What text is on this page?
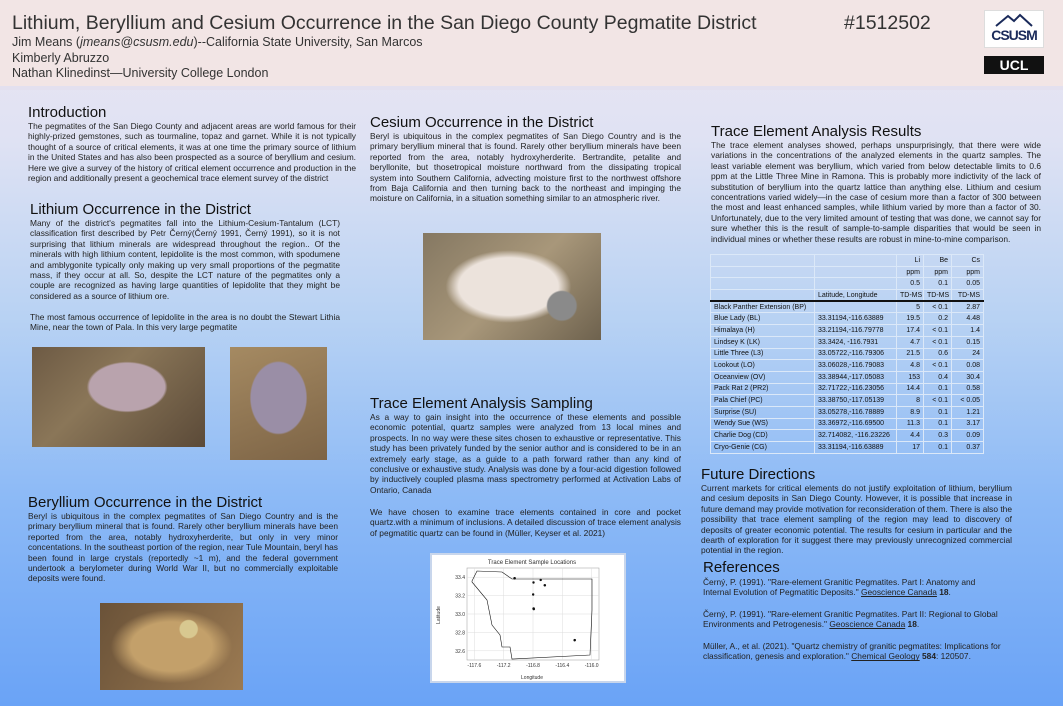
Lithium, Beryllium and Cesium Occurrence in the San Diego County Pegmatite District	#1512502
Jim Means (jmeans@csusm.edu)--California State University, San Marcos
Kimberly Abruzzo
Nathan Klinedinst—University College London
CSUSM
UCL
Introduction
The pegmatites of the San Diego County and adjacent areas are world famous for their highly-prized gemstones, such as tourmaline, topaz and garnet. While it is not typically thought of a source of critical elements, it was at one time the primary source of lithium in the United States and has also been prospected as a source of beryllium and cesium. Here we give a survey of the history of critical element occurrence and production in the region and additionally present a geochemical trace element survey of the district
Lithium Occurrence in the District
Many of the district's pegmatites fall into the Lithium-Cesium-Tantalum (LCT) classification first described by Petr Černý(Černý 1991, Černý 1991), so it is not surprising that lithium minerals are widespread throughout the region.. Of the minerals with high lithium content, lepidolite is the most common, with spodumene and amblygonite typically only making up very small proportions of the pegmatite mass, if they occur at all. So, despite the LCT nature of the pegmatites only a couple are recognized as having large quantities of lepidolite that they might be considered as a source of lithium ore.
The most famous occurrence of lepidolite in the area is no doubt the Stewart Lithia Mine, near the town of Pala. In this very large pegmatite
Beryllium Occurrence in the District
Beryl is ubiquitous in the complex pegmatites of San Diego Country and is the primary beryllium mineral that is found. Rarely other beryllium minerals have been reported from the area, notably hydroxyherderite, but only in very minor concentations. In the southeast portion of the region, near Tule Mountain, beryl has been found in large crystals (reportedly ~1 m), and the federal government undertook a berylometer during World War II, but no commercially exploitable deposits were found.
Cesium Occurrence in the District
Beryl is ubiquitous in the complex pegmatites of San Diego Country and is the primary beryllium mineral that is found. Rarely other beryllium minerals have been reported from the area, notably hydroxyherderite. Bertrandite, petalite and beryllonite, but thosetropical moisture northward from the dissipating tropical system into Southern California, advecting moisture first to the northwest offshore from Baja California and then turning back to the northeast and impinging the moisture on California, in a situation something similar to an atmospheric river.
Trace Element Analysis Sampling
As a way to gain insight into the occurrence of these elements and possible economic potential, quartz samples were analyzed from 13 local mines and prospects. In no way were these sites chosen to exhaustive or representative. This study has been privately funded by the senior author and is considered to be in an extremely early stage, as a guide to a path forward rather than any kind of conclusive or exhaustive study. Analysis was done by a four-acid digestion followed by inductively coupled plasma mass spectrometry performed at Activation Labs of Ontario, Canada
We have chosen to examine trace elements contained in core and pocket quartz.with a minimum of inclusions. A detailed discussion of trace element analysis of pegmatitic quartz can be found in (Müller, Keyser et al. 2021)
Trace Element Sample Locations
-117.6	-117.2	-116.8	-116.4	-116.0
33.4
33.2
33.0
32.8
32.6
Longitude
Latitude
Trace Element Analysis Results
The trace element analyses showed, perhaps unspurprisingly, that there were wide variations in the concentrations of the analyzed elements in the quartz samples. The least variable element was beryllium, which varied from below detectable limits to 0.6 ppm at the Little Three Mine in Ramona. This is probably more indictivity of the lack of substitution of beryllium into the quartz lattice than anything else. Lithium and cesium concentrations varied widely—in the case of cesium more than a factor of 300 between the most and least enhanced samples, while lithium varied by more than a factor of 30. Unfortunately, due to the very limited amount of testing that was done, we cannot say for sure whether this is the result of sample-to-sample disparities that would be seen in individual mines or whether these results are robust in mine-to-mine comparison.
		Li	Be	Cs
		ppm	ppm	ppm
		0.5	0.1	0.05
	Latitude, Longitude	TD-MS	TD-MS	TD-MS
Black Panther Extension (BP)		5	< 0.1	2.87
Blue Lady (BL)	33.31194,-116.63889	19.5	0.2	4.48
Himalaya (H)	33.21194,-116.79778	17.4	< 0.1	1.4
Lindsey K (LK)	33.3424, -116.7931	4.7	< 0.1	0.15
Little Three (L3)	33.05722,-116.79306	21.5	0.6	24
Lookout (LO)	33.06028,-116.79083	4.8	< 0.1	0.08
Oceanview (OV)	33.38944,-117.05083	153	0.4	30.4
Pack Rat 2 (PR2)	32.71722,-116.23056	14.4	0.1	0.58
Pala Chief (PC)	33.38750,-117.05139	8	< 0.1	< 0.05
Surprise (SU)	33.05278,-116.78889	8.9	0.1	1.21
Wendy Sue (WS)	33.36972,-116.69500	11.3	0.1	3.17
Charlie Dog (CD)	32.714082, -116.23226	4.4	0.3	0.09
Cryo-Genie (CG)	33.31194,-116.63889	17	0.1	0.37
Future Directions
Current markets for critical elements do not justify exploitation of lithium, beryllium and cesium deposits in San Diego County. However, it is possible that increase in future demand may provide motivation for reconsideration of them. There is also the possibility that trace element sampling of the region may lead to discovery of deposits of greater economic potential. The results for cesium in particular and the dearth of exploration for it suggest there may previously unrecognized commercial potential in the region.
References
Černý, P. (1991). "Rare-element Granitic Pegmatites. Part I: Anatomy and Internal Evolution of Pegmatitic Deposits." Geoscience Canada 18.
Černý, P. (1991). "Rare-element Granitic Pegmatites. Part II: Regional to Global Environments and Petrogenesis." Geoscience Canada 18.
Müller, A., et al. (2021). "Quartz chemistry of granitic pegmatites: Implications for classification, genesis and exploration." Chemical Geology 584: 120507.
